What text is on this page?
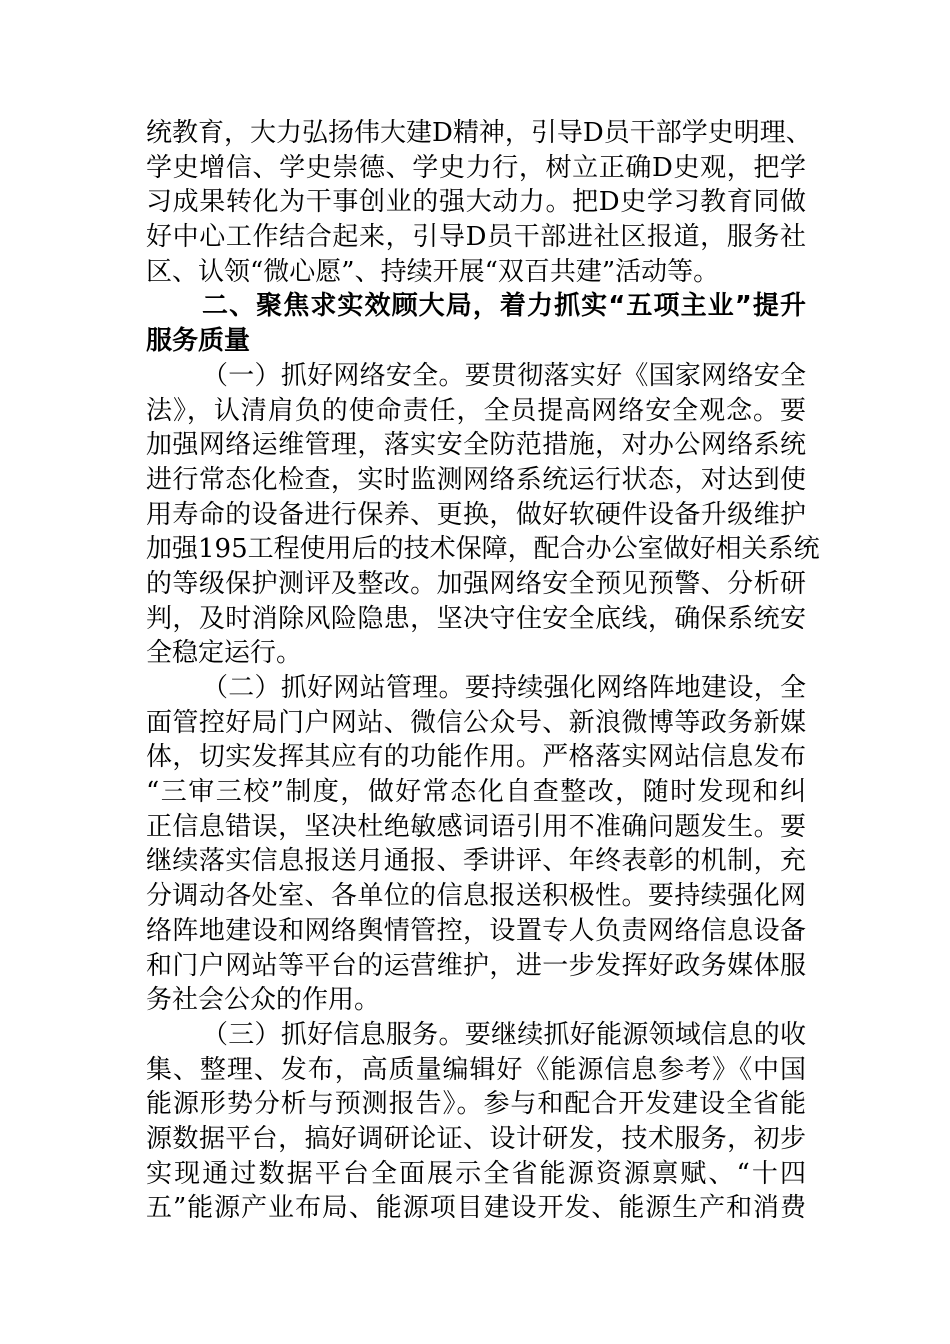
统教育，大力弘扬伟大建D精神，引导D员干部学史明理、
学史增信、学史崇德、学史力行，树立正确D史观，把学
习成果转化为干事创业的强大动力。把D史学习教育同做
好中心工作结合起来，引导D员干部进社区报道，服务社
区、认领“微心愿”、持续开展“双百共建”活动等。
二、聚焦求实效顾大局，着力抓实“五项主业”提升
服务质量
（一）抓好网络安全。要贯彻落实好《国家网络安全
法》，认清肩负的使命责任，全员提高网络安全观念。要
加强网络运维管理，落实安全防范措施，对办公网络系统
进行常态化检查，实时监测网络系统运行状态，对达到使
用寿命的设备进行保养、更换，做好软硬件设备升级维护
加强195工程使用后的技术保障，配合办公室做好相关系统
的等级保护测评及整改。加强网络安全预见预警、分析研
判，及时消除风险隐患，坚决守住安全底线，确保系统安
全稳定运行。
（二）抓好网站管理。要持续强化网络阵地建设，全
面管控好局门户网站、微信公众号、新浪微博等政务新媒
体，切实发挥其应有的功能作用。严格落实网站信息发布
“三审三校”制度，做好常态化自查整改，随时发现和纠
正信息错误，坚决杜绝敏感词语引用不准确问题发生。要
继续落实信息报送月通报、季讲评、年终表彰的机制，充
分调动各处室、各单位的信息报送积极性。要持续强化网
络阵地建设和网络舆情管控，设置专人负责网络信息设备
和门户网站等平台的运营维护，进一步发挥好政务媒体服
务社会公众的作用。
（三）抓好信息服务。要继续抓好能源领域信息的收
集、整理、发布，高质量编辑好《能源信息参考》《中国
能源形势分析与预测报告》。参与和配合开发建设全省能
源数据平台，搞好调研论证、设计研发，技术服务，初步
实现通过数据平台全面展示全省能源资源禀赋、“十四
五”能源产业布局、能源项目建设开发、能源生产和消费
